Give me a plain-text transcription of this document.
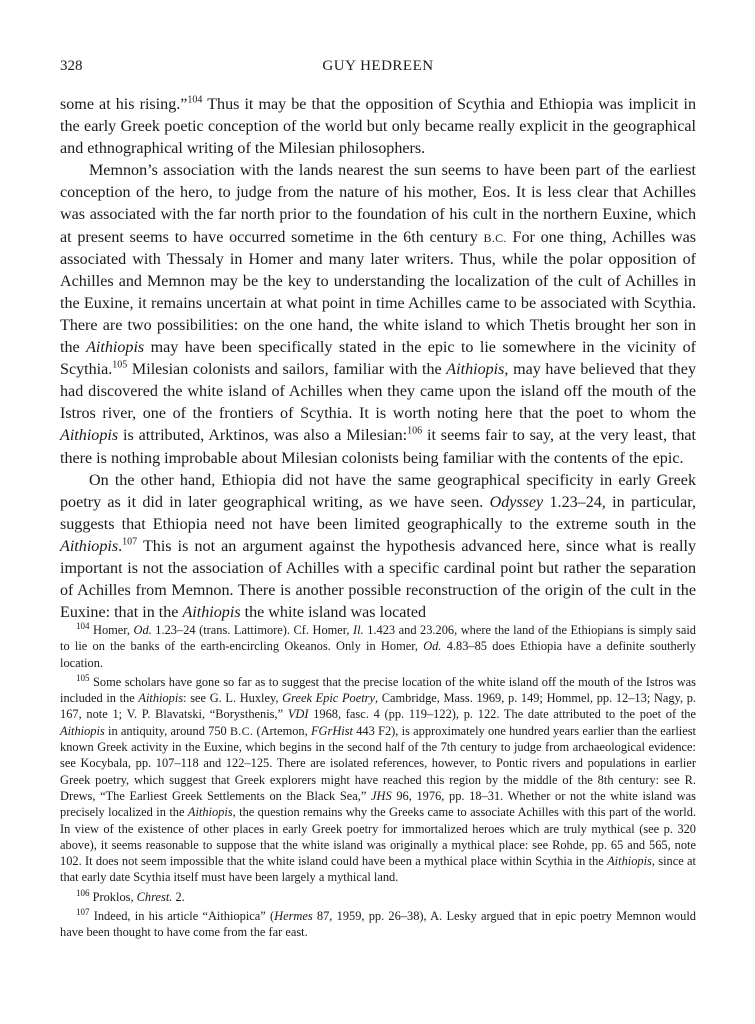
328	GUY HEDREEN

some at his rising.”$^{104}$ Thus it may be that the opposition of Scythia and Ethiopia was implicit in the early Greek poetic conception of the world but only became really explicit in the geographical and ethnographical writing of the Milesian philosophers.

Memnon’s association with the lands nearest the sun seems to have been part of the earliest conception of the hero, to judge from the nature of his mother, Eos. It is less clear that Achilles was associated with the far north prior to the foundation of his cult in the northern Euxine, which at present seems to have occurred sometime in the 6th century B.C. For one thing, Achilles was associated with Thessaly in Homer and many later writers. Thus, while the polar opposition of Achilles and Memnon may be the key to understanding the localization of the cult of Achilles in the Euxine, it remains uncertain at what point in time Achilles came to be associated with Scythia. There are two possibilities: on the one hand, the white island to which Thetis brought her son in the Aithiopis may have been specifically stated in the epic to lie somewhere in the vicinity of Scythia.$^{105}$ Milesian colonists and sailors, familiar with the Aithiopis, may have believed that they had discovered the white island of Achilles when they came upon the island off the mouth of the Istros river, one of the frontiers of Scythia. It is worth noting here that the poet to whom the Aithiopis is attributed, Arktinos, was also a Milesian:$^{106}$ it seems fair to say, at the very least, that there is nothing improbable about Milesian colonists being familiar with the contents of the epic.

On the other hand, Ethiopia did not have the same geographical specificity in early Greek poetry as it did in later geographical writing, as we have seen. Odyssey 1.23–24, in particular, suggests that Ethiopia need not have been limited geographically to the extreme south in the Aithiopis.$^{107}$ This is not an argument against the hypothesis advanced here, since what is really important is not the association of Achilles with a specific cardinal point but rather the separation of Achilles from Memnon. There is another possible reconstruction of the origin of the cult in the Euxine: that in the Aithiopis the white island was located

$^{104}$ Homer, Od. 1.23–24 (trans. Lattimore). Cf. Homer, Il. 1.423 and 23.206, where the land of the Ethiopians is simply said to lie on the banks of the earth-encircling Okeanos. Only in Homer, Od. 4.83–85 does Ethiopia have a definite southerly location.

$^{105}$ Some scholars have gone so far as to suggest that the precise location of the white island off the mouth of the Istros was included in the Aithiopis: see G. L. Huxley, Greek Epic Poetry, Cambridge, Mass. 1969, p. 149; Hommel, pp. 12–13; Nagy, p. 167, note 1; V. P. Blavatski, “Borysthenis,” VDI 1968, fasc. 4 (pp. 119–122), p. 122. The date attributed to the poet of the Aithiopis in antiquity, around 750 B.C. (Artemon, FGrHist 443 F2), is approximately one hundred years earlier than the earliest known Greek activity in the Euxine, which begins in the second half of the 7th century to judge from archaeological evidence: see Kocybala, pp. 107–118 and 122–125. There are isolated references, however, to Pontic rivers and populations in earlier Greek poetry, which suggest that Greek explorers might have reached this region by the middle of the 8th century: see R. Drews, “The Earliest Greek Settlements on the Black Sea,” JHS 96, 1976, pp. 18–31. Whether or not the white island was precisely localized in the Aithiopis, the question remains why the Greeks came to associate Achilles with this part of the world. In view of the existence of other places in early Greek poetry for immortalized heroes which are truly mythical (see p. 320 above), it seems reasonable to suppose that the white island was originally a mythical place: see Rohde, pp. 65 and 565, note 102. It does not seem impossible that the white island could have been a mythical place within Scythia in the Aithiopis, since at that early date Scythia itself must have been largely a mythical land.

$^{106}$ Proklos, Chrest. 2.

$^{107}$ Indeed, in his article “Aithiopica” (Hermes 87, 1959, pp. 26–38), A. Lesky argued that in epic poetry Memnon would have been thought to have come from the far east.
